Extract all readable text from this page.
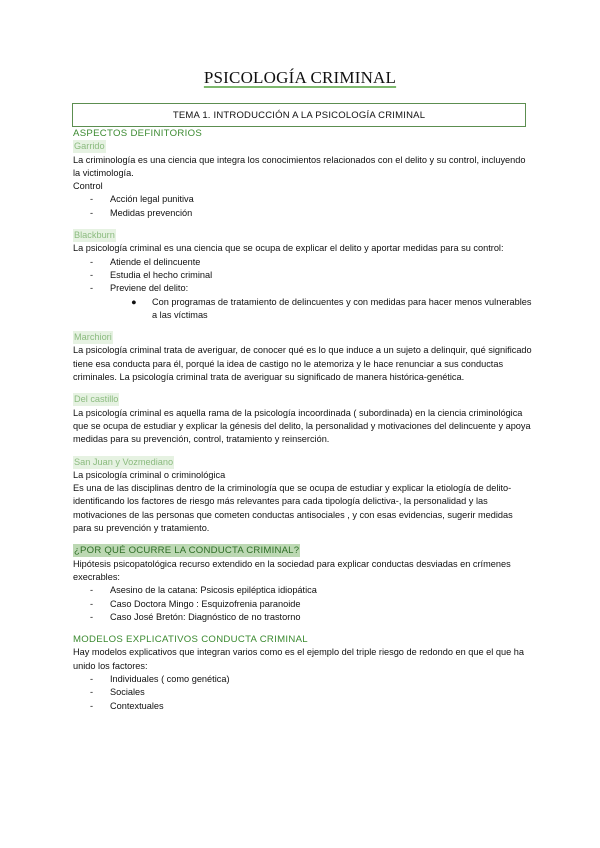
PSICOLOGÍA CRIMINAL
TEMA 1. INTRODUCCIÓN A LA PSICOLOGÍA CRIMINAL
ASPECTOS DEFINITORIOS
Garrido

La criminología es una ciencia que integra los conocimientos relacionados con el delito y su control, incluyendo la victimología.

Control

- Acción legal punitiva
- Medidas prevención
Blackburn

La psicología criminal es una ciencia que se ocupa de explicar el delito y aportar medidas para su control:

- Atiende el delincuente
- Estudia el hecho criminal
- Previene del delito:
● Con programas de tratamiento de delincuentes y con medidas para hacer menos vulnerables a las víctimas
Marchiori

La psicología criminal trata de averiguar, de conocer qué es lo que induce a un sujeto a delinquir, qué significado tiene esa conducta para él, porqué la idea de castigo no le atemoriza y le hace renunciar a sus conductas criminales. La psicología criminal trata de averiguar su significado de manera histórica-genética.

Del castillo

La psicología criminal es aquella rama de la psicología incoordinada ( subordinada) en la ciencia criminológica que se ocupa de estudiar y explicar la génesis del delito, la personalidad y motivaciones del delincuente y apoya medidas para su prevención, control, tratamiento y reinserción.

San Juan y Vozmediano

La psicología criminal o criminológica

Es una de las disciplinas dentro de la criminología que se ocupa de estudiar y explicar la etiología de delito- identificando los factores de riesgo más relevantes para cada tipología delictiva-, la personalidad y las motivaciones de las personas que cometen conductas antisociales , y con esas evidencias, sugerir medidas para su prevención y tratamiento.

¿POR QUÉ OCURRE LA CONDUCTA CRIMINAL?

Hipótesis psicopatológica recurso extendido en la sociedad para explicar conductas desviadas en crímenes execrables:

- Asesino de la catana: Psicosis epiléptica idiopática
- Caso Doctora Mingo : Esquizofrenia paranoide
- Caso José Bretón: Diagnóstico de no trastorno
MODELOS EXPLICATIVOS CONDUCTA CRIMINAL

Hay modelos explicativos que integran varios como es el ejemplo del triple riesgo de redondo en que el que ha unido los factores:

- Individuales ( como genética)
- Sociales
- Contextuales
